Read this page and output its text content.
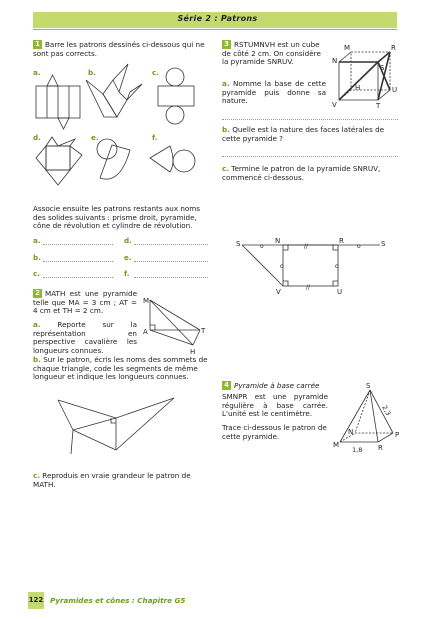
Série 2 : Patrons
1 Barre les patrons dessinés ci-dessous qui ne sont pas corrects.
a.	b.	c.
d.	e.	f.
Associe ensuite les patrons restants aux noms des solides suivants : prisme droit, pyramide, cône de révolution et cylindre de révolution.
a.	d.
b.	e.
c.	f.
2 MATH est une pyramide telle que MA = 3 cm ; AT = 4 cm et TH = 2 cm.
a. Reporte sur la représentation en perspective cavalière les longueurs connues.
M
A	T
H
b. Sur le patron, écris les noms des sommets de chaque triangle, code les segments de même longueur et indique les longueurs connues.
c. Reproduis en vraie grandeur le patron de MATH.
3 RSTUMNVH est un cube de côté 2 cm. On considère la pyramide SNRUV.
a. Nomme la base de cette pyramide puis donne sa nature.
M	R
N
S
H	U
V	T
b. Quelle est la nature des faces latérales de cette pyramide ?
c. Termine le patron de la pyramide SNRUV, commencé ci-dessous.
o	//	o
o	o
//
S	N	R	S
V	U
4 Pyramide à base carrée
SMNPR est une pyramide régulière à base carrée. L'unité est le centimètre.
Trace ci-dessous le patron de cette pyramide.
S
N	P
M	R
2,3
1,8
122 Pyramides et cônes : Chapitre G5
